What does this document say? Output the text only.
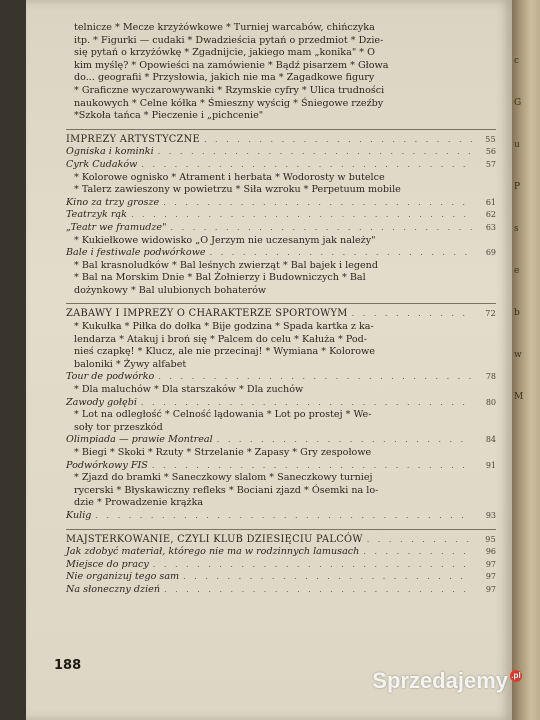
c
G
u
P
s
e
b
w
M
telnicze * Mecze krzyżówkowe * Turniej warcabów, chińczyka
itp. * Figurki — cudaki * Dwadzieścia pytań o przedmiot * Dzie-
się pytań o krzyżówkę * Zgadnijcie, jakiego mam „konika" * O
kim myślę? * Opowieści na zamówienie * Bądź pisarzem * Głowa
do... geografii * Przysłowia, jakich nie ma * Zagadkowe figury
* Graficzne wyczarowywanki * Rzymskie cyfry * Ulica trudności
naukowych * Celne kółka * Śmieszny wyścig * Śniegowe rzeźby
*Szkoła tańca * Pieczenie i „pichcenie"
IMPREZY ARTYSTYCZNE . . .	55
Ogniska i kominki . . .	56
Cyrk Cudaków . . .	57
* Kolorowe ognisko * Atrament i herbata * Wodorosty w butelce
* Talerz zawieszony w powietrzu * Siła wzroku * Perpetuum mobile
Kino za trzy grosze . . .	61
Teatrzyk rąk . . .	62
„Teatr we framudze" . . .	63
* Kukiełkowe widowisko „O Jerzym nie uczesanym jak należy"
Bale i festiwale podwórkowe . . .	69
* Bal krasnoludków * Bal leśnych zwierząt * Bal bajek i legend
* Bal na Morskim Dnie * Bal Żołnierzy i Budowniczych * Bal
dożynkowy * Bal ulubionych bohaterów
ZABAWY I IMPREZY O CHARAKTERZE SPORTOWYM . . .	72
* Kukułka * Piłka do dołka * Bije godzina * Spada kartka z ka-
lendarza * Atakuj i broń się * Palcem do celu * Kałuża * Pod-
nieś czapkę! * Klucz, ale nie przecinaj! * Wymiana * Kolorowe
baloniki * Żywy alfabet
Tour de podwórko . . .	78
* Dla maluchów * Dla starszaków * Dla zuchów
Zawody gołębi . . .	80
* Lot na odległość * Celność lądowania * Lot po prostej * We-
soły tor przeszkód
Olimpiada — prawie Montreal . . .	84
* Biegi * Skoki * Rzuty * Strzelanie * Zapasy * Gry zespołowe
Podwórkowy FIS . . .	91
* Zjazd do bramki * Saneczkowy slalom * Saneczkowy turniej
rycerski * Błyskawiczny refleks * Bociani zjazd * Ósemki na lo-
dzie * Prowadzenie krążka
Kulig . . .	93
MAJSTERKOWANIE, CZYLI KLUB DZIESIĘCIU PALCÓW . . .	95
Jak zdobyć materiał, którego nie ma w rodzinnych lamusach . . .	96
Miejsce do pracy . . .	97
Nie organizuj tego sam . . .	97
Na słoneczny dzień . . .	97
188
Sprzedajemy .pl
